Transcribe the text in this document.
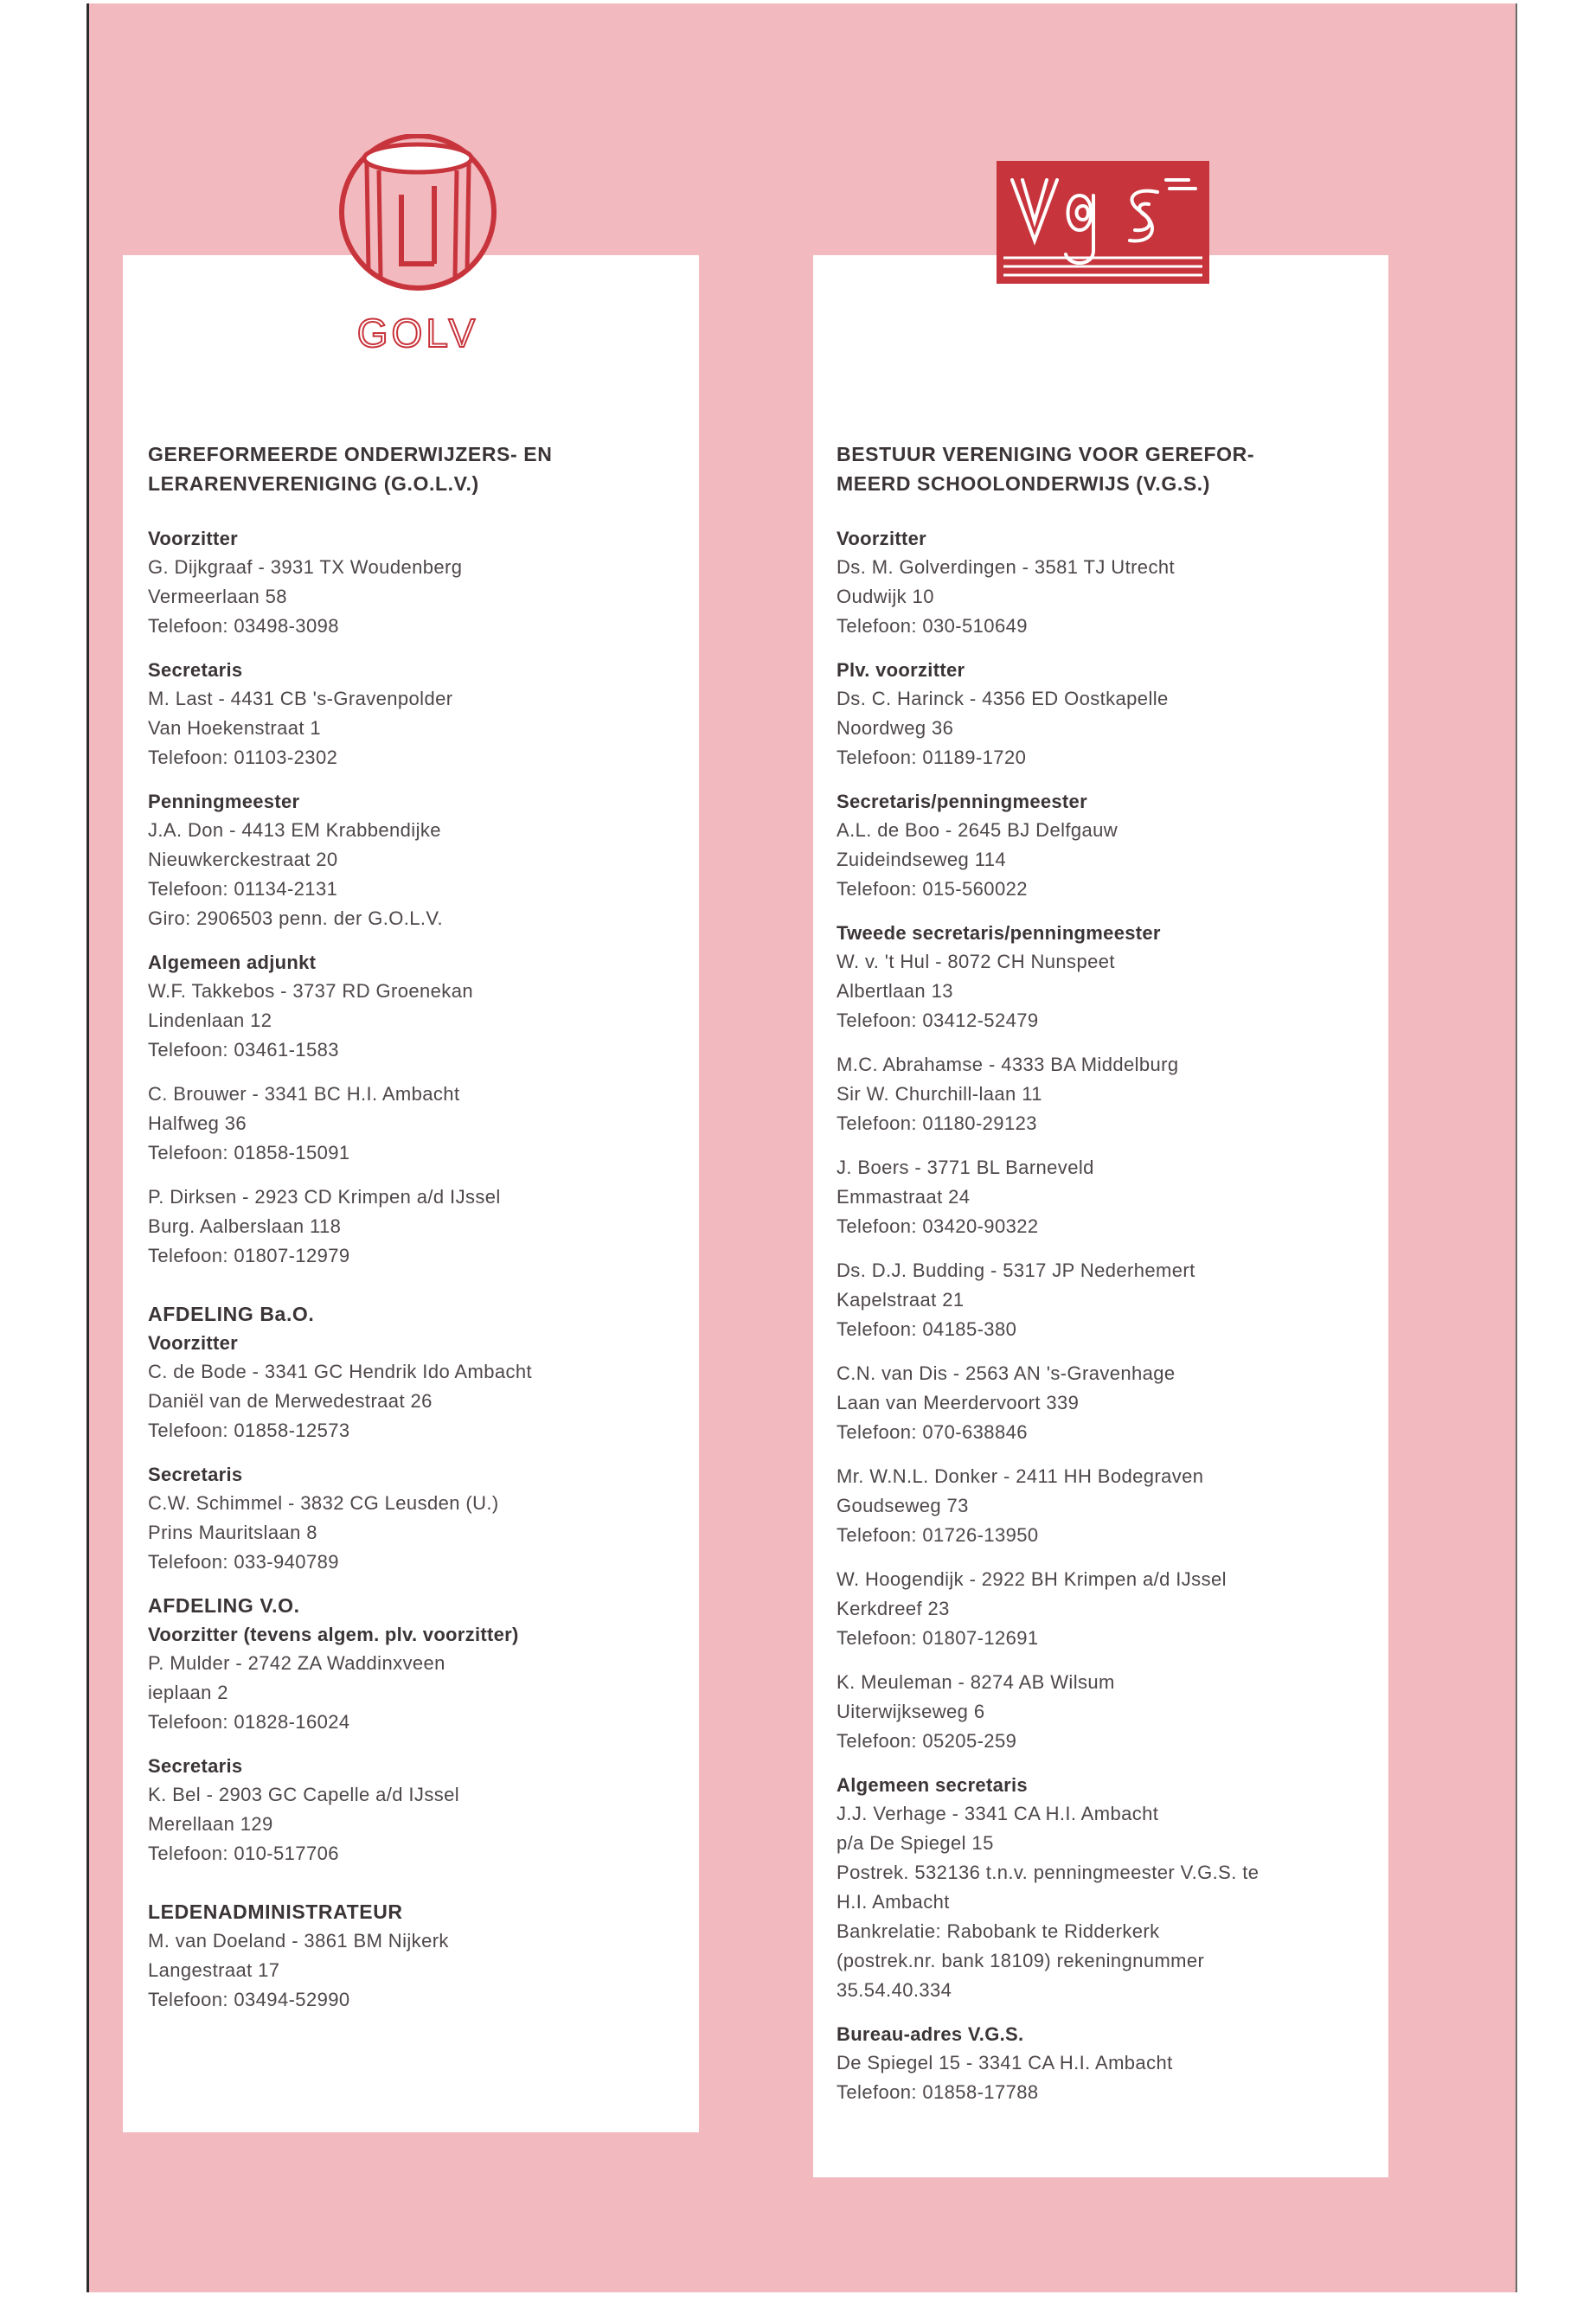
GOLV
GEREFORMEERDE ONDERWIJZERS- EN
LERARENVERENIGING (G.O.L.V.)
Voorzitter
G. Dijkgraaf - 3931 TX Woudenberg
Vermeerlaan 58
Telefoon: 03498-3098
Secretaris
M. Last - 4431 CB 's-Gravenpolder
Van Hoekenstraat 1
Telefoon: 01103-2302
Penningmeester
J.A. Don - 4413 EM Krabbendijke
Nieuwkerckestraat 20
Telefoon: 01134-2131
Giro: 2906503 penn. der G.O.L.V.
Algemeen adjunkt
W.F. Takkebos - 3737 RD Groenekan
Lindenlaan 12
Telefoon: 03461-1583
C. Brouwer - 3341 BC H.I. Ambacht
Halfweg 36
Telefoon: 01858-15091
P. Dirksen - 2923 CD Krimpen a/d IJssel
Burg. Aalberslaan 118
Telefoon: 01807-12979
AFDELING Ba.O.
Voorzitter
C. de Bode - 3341 GC Hendrik Ido Ambacht
Daniël van de Merwedestraat 26
Telefoon: 01858-12573
Secretaris
C.W. Schimmel - 3832 CG Leusden (U.)
Prins Mauritslaan 8
Telefoon: 033-940789
AFDELING V.O.
Voorzitter (tevens algem. plv. voorzitter)
P. Mulder - 2742 ZA Waddinxveen
ieplaan 2
Telefoon: 01828-16024
Secretaris
K. Bel - 2903 GC Capelle a/d IJssel
Merellaan 129
Telefoon: 010-517706
LEDENADMINISTRATEUR
M. van Doeland - 3861 BM Nijkerk
Langestraat 17
Telefoon: 03494-52990
BESTUUR VERENIGING VOOR GEREFOR-
MEERD SCHOOLONDERWIJS (V.G.S.)
Voorzitter
Ds. M. Golverdingen - 3581 TJ Utrecht
Oudwijk 10
Telefoon: 030-510649
Plv. voorzitter
Ds. C. Harinck - 4356 ED Oostkapelle
Noordweg 36
Telefoon: 01189-1720
Secretaris/penningmeester
A.L. de Boo - 2645 BJ Delfgauw
Zuideindseweg 114
Telefoon: 015-560022
Tweede secretaris/penningmeester
W. v. 't Hul - 8072 CH Nunspeet
Albertlaan 13
Telefoon: 03412-52479
M.C. Abrahamse - 4333 BA Middelburg
Sir W. Churchill-laan 11
Telefoon: 01180-29123
J. Boers - 3771 BL Barneveld
Emmastraat 24
Telefoon: 03420-90322
Ds. D.J. Budding - 5317 JP Nederhemert
Kapelstraat 21
Telefoon: 04185-380
C.N. van Dis - 2563 AN 's-Gravenhage
Laan van Meerdervoort 339
Telefoon: 070-638846
Mr. W.N.L. Donker - 2411 HH Bodegraven
Goudseweg 73
Telefoon: 01726-13950
W. Hoogendijk - 2922 BH Krimpen a/d IJssel
Kerkdreef 23
Telefoon: 01807-12691
K. Meuleman - 8274 AB Wilsum
Uiterwijkseweg 6
Telefoon: 05205-259
Algemeen secretaris
J.J. Verhage - 3341 CA H.I. Ambacht
p/a De Spiegel 15
Postrek. 532136 t.n.v. penningmeester V.G.S. te
H.I. Ambacht
Bankrelatie: Rabobank te Ridderkerk
(postrek.nr. bank 18109) rekeningnummer
35.54.40.334
Bureau-adres V.G.S.
De Spiegel 15 - 3341 CA H.I. Ambacht
Telefoon: 01858-17788
